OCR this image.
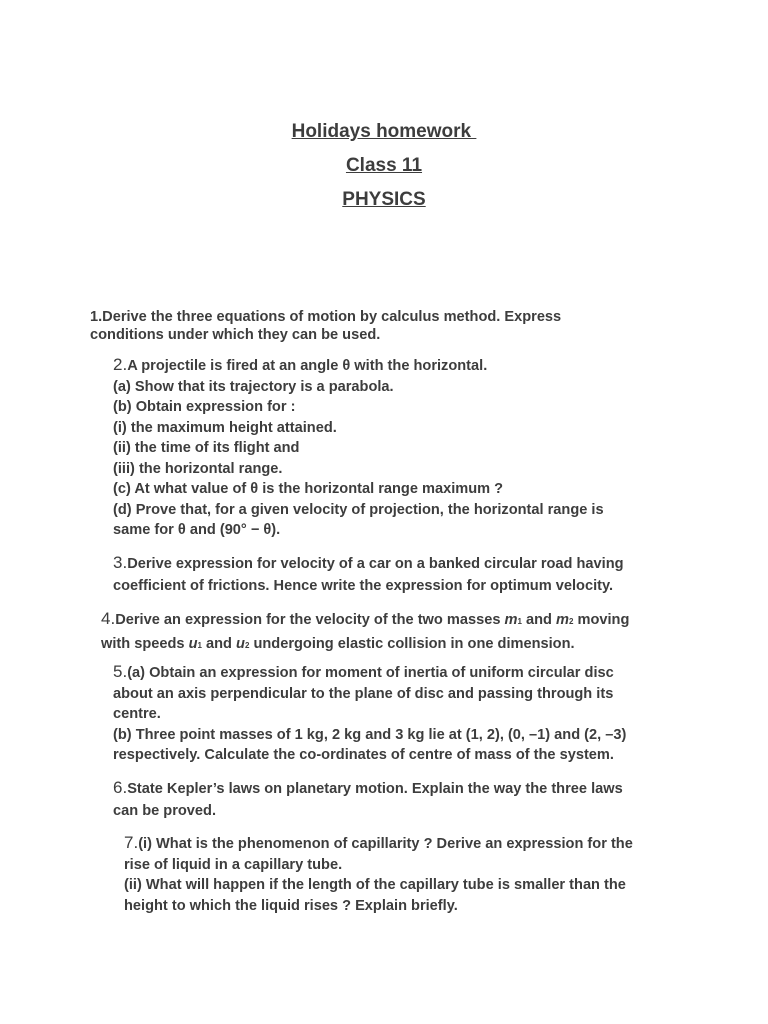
Holidays homework

Class 11

PHYSICS

1.Derive the three equations of motion by calculus method. Express
conditions under which they can be used.
2.A projectile is fired at an angle θ with the horizontal.
(a) Show that its trajectory is a parabola.
(b) Obtain expression for :
(i) the maximum height attained.
(ii) the time of its flight and
(iii) the horizontal range.
(c) At what value of θ is the horizontal range maximum ?
(d) Prove that, for a given velocity of projection, the horizontal range is
same for θ and (90° − θ).
3.Derive expression for velocity of a car on a banked circular road having
coefficient of frictions. Hence write the expression for optimum velocity.
4.Derive an expression for the velocity of the two masses m1 and m2 moving
with speeds u1 and u2 undergoing elastic collision in one dimension.
5.(a) Obtain an expression for moment of inertia of uniform circular disc
about an axis perpendicular to the plane of disc and passing through its
centre.
(b) Three point masses of 1 kg, 2 kg and 3 kg lie at (1, 2), (0, –1) and (2, –3)
respectively. Calculate the co-ordinates of centre of mass of the system.
6.State Kepler’s laws on planetary motion. Explain the way the three laws
can be proved.
7.(i) What is the phenomenon of capillarity ? Derive an expression for the
rise of liquid in a capillary tube.
(ii) What will happen if the length of the capillary tube is smaller than the
height to which the liquid rises ? Explain briefly.
